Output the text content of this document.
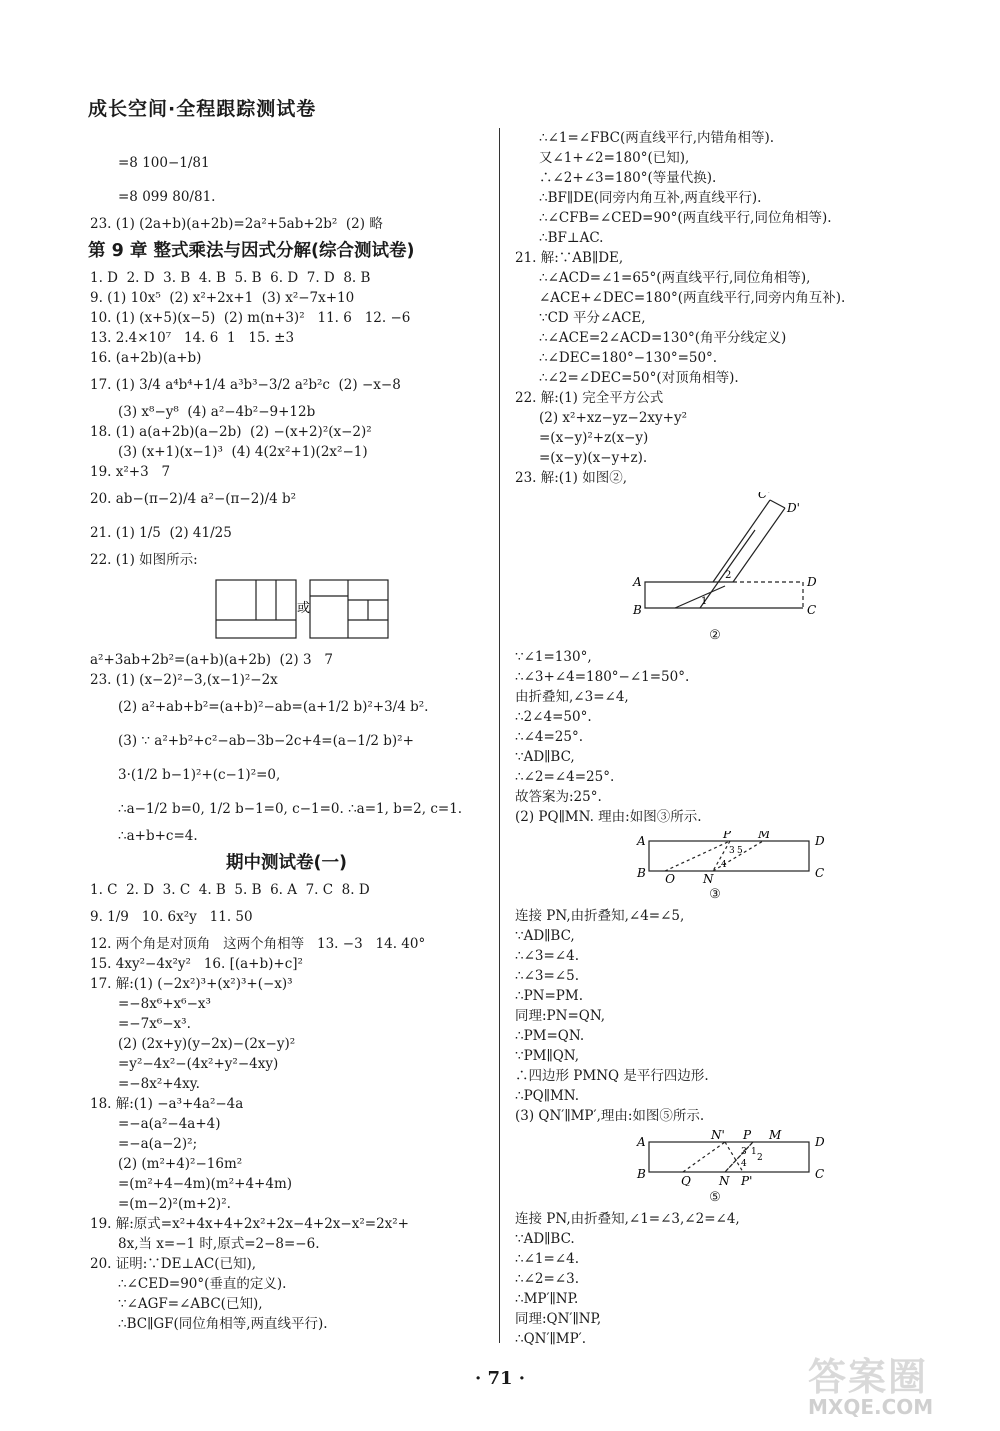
成长空间·全程跟踪测试卷

=8 100−1/81

=8 099 80/81.

23. (1) (2a+b)(a+2b)=2a²+5ab+2b²  (2) 略

第 9 章 整式乘法与因式分解(综合测试卷)

1. D  2. D  3. B  4. B  5. B  6. D  7. D  8. B

9. (1) 10x⁵  (2) x²+2x+1  (3) x²−7x+10

10. (1) (x+5)(x−5)  (2) m(n+3)²   11. 6   12. −6

13. 2.4×10⁷   14. 6  1   15. ±3

16. (a+2b)(a+b)

17. (1) 3/4 a⁴b⁴+1/4 a³b³−3/2 a²b²c  (2) −x−8

(3) x⁸−y⁸  (4) a²−4b²−9+12b

18. (1) a(a+2b)(a−2b)  (2) −(x+2)²(x−2)²

(3) (x+1)(x−1)³  (4) 4(2x²+1)(2x²−1)

19. x²+3   7

20. ab−(π−2)/4 a²−(π−2)/4 b²

21. (1) 1/5  (2) 41/25

22. (1) 如图所示:

或

a²+3ab+2b²=(a+b)(a+2b)  (2) 3   7

23. (1) (x−2)²−3,(x−1)²−2x

(2) a²+ab+b²=(a+b)²−ab=(a+1/2 b)²+3/4 b².

(3) ∵ a²+b²+c²−ab−3b−2c+4=(a−1/2 b)²+

3·(1/2 b−1)²+(c−1)²=0,

∴a−1/2 b=0, 1/2 b−1=0, c−1=0. ∴a=1, b=2, c=1.

∴a+b+c=4.

期中测试卷(一)

1. C  2. D  3. C  4. B  5. B  6. A  7. C  8. D

9. 1/9   10. 6x²y   11. 50

12. 两个角是对顶角   这两个角相等   13. −3   14. 40°

15. 4xy²−4x²y²   16. [(a+b)+c]²

17. 解:(1) (−2x²)³+(x²)³+(−x)³

=−8x⁶+x⁶−x³

=−7x⁶−x³.

(2) (2x+y)(y−2x)−(2x−y)²

=y²−4x²−(4x²+y²−4xy)

=−8x²+4xy.

18. 解:(1) −a³+4a²−4a

=−a(a²−4a+4)

=−a(a−2)²;

(2) (m²+4)²−16m²

=(m²+4−4m)(m²+4+4m)

=(m−2)²(m+2)².

19. 解:原式=x²+4x+4+2x²+2x−4+2x−x²=2x²+

8x,当 x=−1 时,原式=2−8=−6.

20. 证明:∵DE⊥AC(已知),

∴∠CED=90°(垂直的定义).

∵∠AGF=∠ABC(已知),

∴BC∥GF(同位角相等,两直线平行).

∴∠1=∠FBC(两直线平行,内错角相等).

又∠1+∠2=180°(已知),

∴∠2+∠3=180°(等量代换).

∴BF∥DE(同旁内角互补,两直线平行).

∴∠CFB=∠CED=90°(两直线平行,同位角相等).

∴BF⊥AC.

21. 解:∵AB∥DE,

∴∠ACD=∠1=65°(两直线平行,同位角相等),

∠ACE+∠DEC=180°(两直线平行,同旁内角互补).

∵CD 平分∠ACE,

∴∠ACE=2∠ACD=130°(角平分线定义)

∴∠DEC=180°−130°=50°.

∴∠2=∠DEC=50°(对顶角相等).

22. 解:(1) 完全平方公式

(2) x²+xz−yz−2xy+y²

=(x−y)²+z(x−y)

=(x−y)(x−y+z).

23. 解:(1) 如图②,

A
B	C
D
C'
D'
1
2
②

∵∠1=130°,

∴∠3+∠4=180°−∠1=50°.

由折叠知,∠3=∠4,

∴2∠4=50°.

∴∠4=25°.

∵AD∥BC,

∴∠2=∠4=25°.

故答案为:25°.

(2) PQ∥MN. 理由:如图③所示.

A
B	C
D
P M
Q N
3
4
5
③

连接 PN,由折叠知,∠4=∠5,

∵AD∥BC,

∴∠3=∠4.

∴∠3=∠5.

∴PN=PM.

同理:PN=QN,

∴PM=QN.

∵PM∥QN,

∴四边形 PMNQ 是平行四边形.

∴PQ∥MN.

(3) QN′∥MP′,理由:如图⑤所示.

A
B	C
D
N' P M
Q N P'
1
2
3
4
⑤

连接 PN,由折叠知,∠1=∠3,∠2=∠4,

∵AD∥BC.

∴∠1=∠4.

∴∠2=∠3.

∴MP′∥NP.

同理:QN′∥NP,

∴QN′∥MP′.

· 71 ·	答案圈
MXQE.COM
